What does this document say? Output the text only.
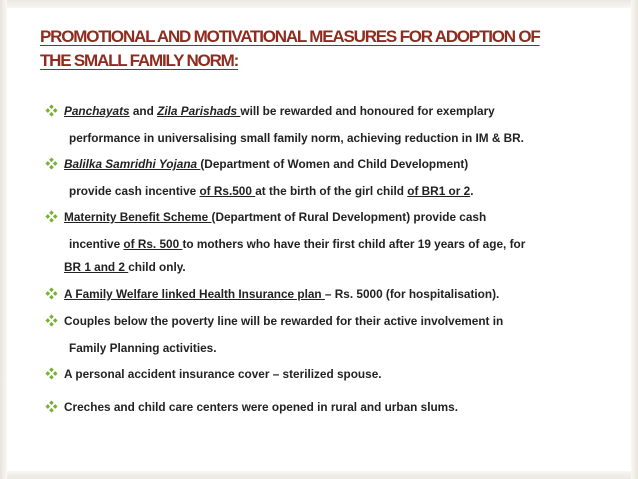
PROMOTIONAL AND MOTIVATIONAL MEASURES FOR ADOPTION OF
THE SMALL FAMILY NORM:
Panchayats and Zila Parishads will be rewarded and honoured for exemplary
performance in universalising small family norm, achieving reduction in IM & BR.
Balilka Samridhi Yojana (Department of Women and Child Development)
provide cash incentive of Rs.500 at the birth of the girl child of BR1 or 2.
Maternity Benefit Scheme (Department of Rural Development) provide cash
incentive of Rs. 500 to mothers who have their first child after 19 years of age, for
BR 1 and 2 child only.
A Family Welfare linked Health Insurance plan – Rs. 5000 (for hospitalisation).
Couples below the poverty line will be rewarded for their active involvement in
Family Planning activities.
A personal accident insurance cover – sterilized spouse.
Creches and child care centers were opened in rural and urban slums.
